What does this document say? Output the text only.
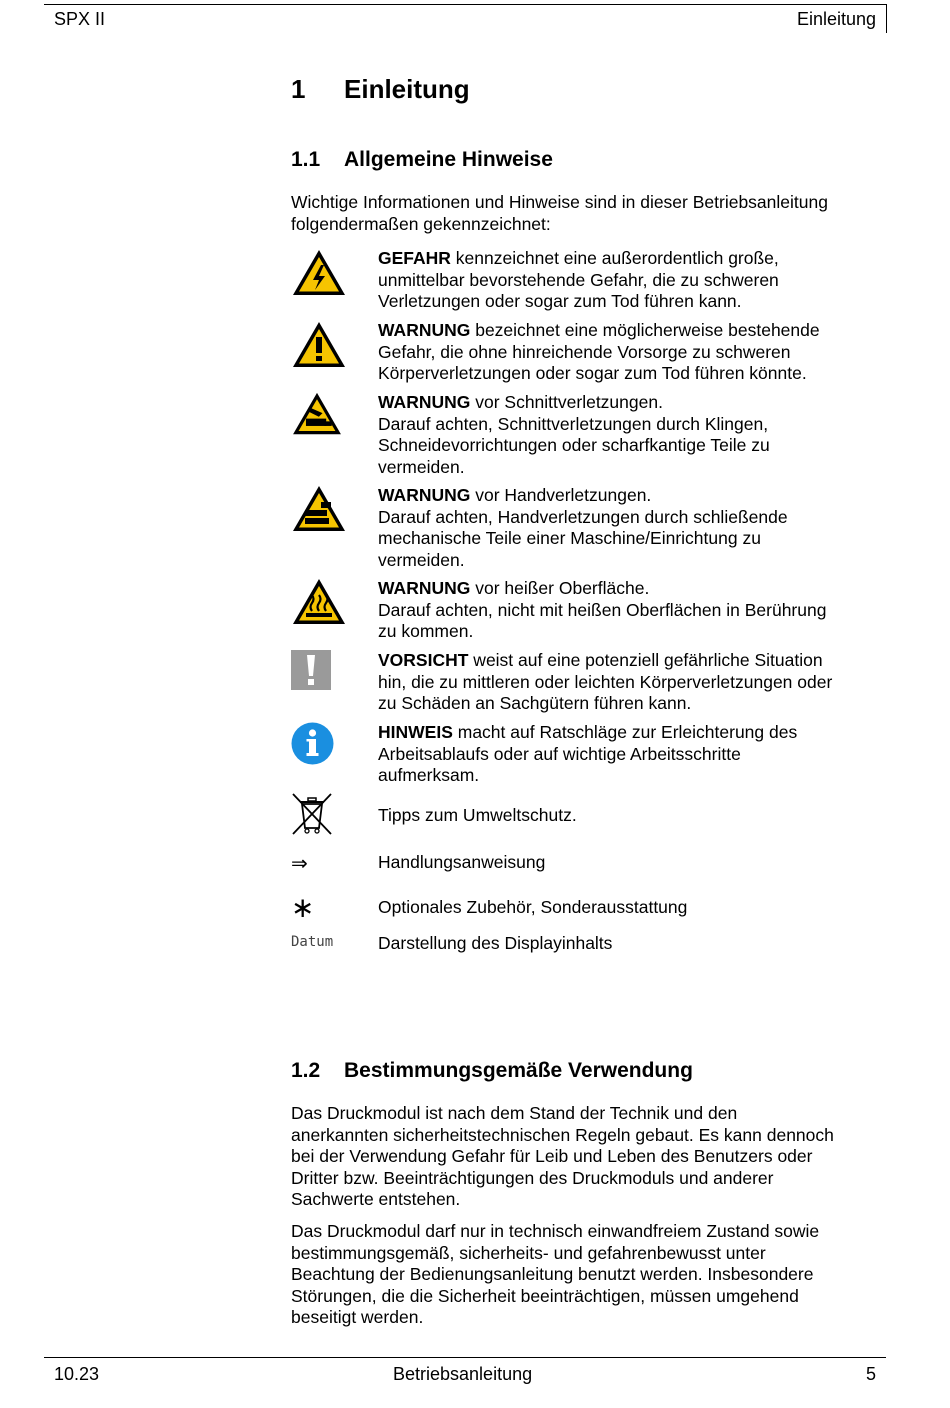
SPX II	Einleitung
1 Einleitung
1.1 Allgemeine Hinweise
Wichtige Informationen und Hinweise sind in dieser Betriebsanleitung
folgendermaßen gekennzeichnet:
GEFAHR kennzeichnet eine außerordentlich große,
unmittelbar bevorstehende Gefahr, die zu schweren
Verletzungen oder sogar zum Tod führen kann.
WARNUNG bezeichnet eine möglicherweise bestehende
Gefahr, die ohne hinreichende Vorsorge zu schweren
Körperverletzungen oder sogar zum Tod führen könnte.
WARNUNG vor Schnittverletzungen.
Darauf achten, Schnittverletzungen durch Klingen,
Schneidevorrichtungen oder scharfkantige Teile zu
vermeiden.
WARNUNG vor Handverletzungen.
Darauf achten, Handverletzungen durch schließende
mechanische Teile einer Maschine/Einrichtung zu
vermeiden.
WARNUNG vor heißer Oberfläche.
Darauf achten, nicht mit heißen Oberflächen in Berührung
zu kommen.
VORSICHT weist auf eine potenziell gefährliche Situation
hin, die zu mittleren oder leichten Körperverletzungen oder
zu Schäden an Sachgütern führen kann.
HINWEIS macht auf Ratschläge zur Erleichterung des
Arbeitsablaufs oder auf wichtige Arbeitsschritte
aufmerksam.
Tipps zum Umweltschutz.
⇒	Handlungsanweisung
∗	Optionales Zubehör, Sonderausstattung
Datum	Darstellung des Displayinhalts
1.2 Bestimmungsgemäße Verwendung
Das Druckmodul ist nach dem Stand der Technik und den
anerkannten sicherheitstechnischen Regeln gebaut. Es kann dennoch
bei der Verwendung Gefahr für Leib und Leben des Benutzers oder
Dritter bzw. Beeinträchtigungen des Druckmoduls und anderer
Sachwerte entstehen.
Das Druckmodul darf nur in technisch einwandfreiem Zustand sowie
bestimmungsgemäß, sicherheits- und gefahrenbewusst unter
Beachtung der Bedienungsanleitung benutzt werden. Insbesondere
Störungen, die die Sicherheit beeinträchtigen, müssen umgehend
beseitigt werden.
10.23	Betriebsanleitung	5
